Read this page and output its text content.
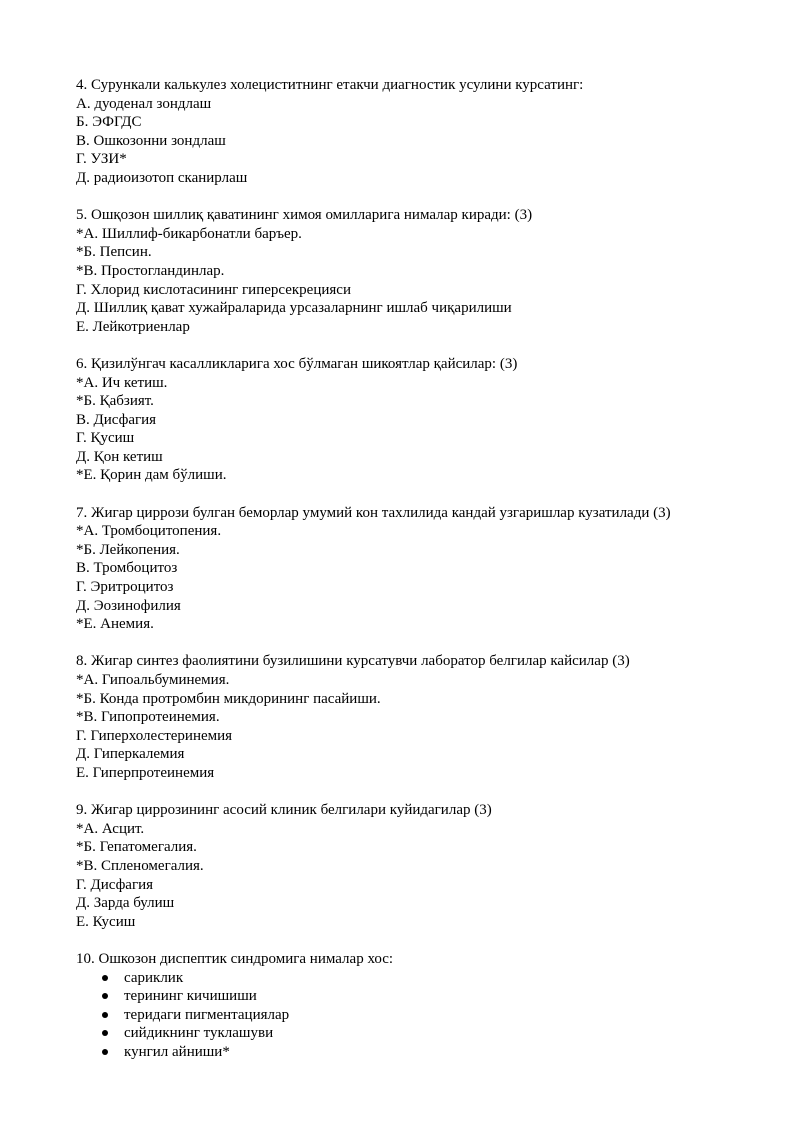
4. Сурункали калькулез холециститнинг етакчи диагностик усулини курсатинг:
А. дуоденал зондлаш
Б. ЭФГДС
В. Ошкозонни зондлаш
Г. УЗИ*
Д. радиоизотоп сканирлаш
5. Ошқозон шиллиқ қаватининг химоя омилларига нималар киради: (3)
*А. Шиллиф-бикарбонатли баръер.
*Б. Пепсин.
*В. Простогландинлар.
Г. Хлорид кислотасининг гиперсекрецияси
Д. Шиллиқ қават хужайраларида урсазаларнинг ишлаб чиқарилиши
Е. Лейкотриенлар
6. Қизилўнгач касалликларига хос бўлмаган шикоятлар қайсилар: (3)
*А. Ич кетиш.
*Б. Қабзият.
В. Дисфагия
Г. Қусиш
Д. Қон кетиш
*Е. Қорин дам бўлиши.
7. Жигар циррози булган беморлар умумий кон тахлилида кандай узгаришлар кузатилади (3)
*А. Тромбоцитопения.
*Б. Лейкопения.
В. Тромбоцитоз
Г. Эритроцитоз
Д. Эозинофилия
*Е. Анемия.
8. Жигар синтез фаолиятини бузилишини курсатувчи лаборатор белгилар кайсилар (3)
*А. Гипоальбуминемия.
*Б. Конда протромбин микдорининг пасайиши.
*В. Гипопротеинемия.
Г. Гиперхолестеринемия
Д. Гиперкалемия
Е. Гиперпротеинемия
9. Жигар циррозининг асосий клиник белгилари куйидагилар (3)
*А. Асцит.
*Б. Гепатомегалия.
*В. Спленомегалия.
Г. Дисфагия
Д. Зарда булиш
Е. Кусиш
10. Ошкозон диспептик синдромига нималар хос:
сариклик
терининг кичишиши
теридаги пигментациялар
сийдикнинг туклашуви
кунгил айниши*
